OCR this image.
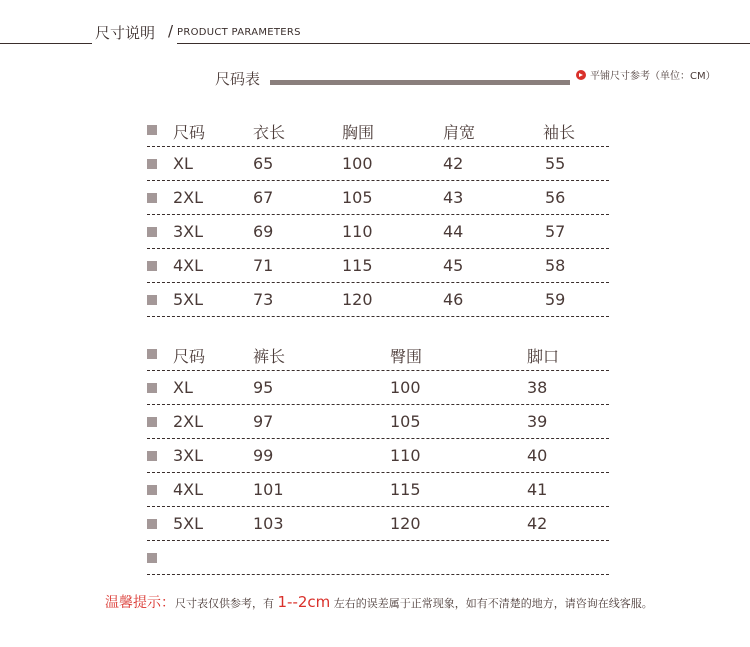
尺寸说明 / PRODUCT PARAMETERS
尺码表	平铺尺寸参考（单位：CM）
尺码	衣长	胸围	肩宽	袖长
XL	65	100	42	55
2XL	67	105	43	56
3XL	69	110	44	57
4XL	71	115	45	58
5XL	73	120	46	59
尺码	裤长	臀围	脚口
XL	95	100	38
2XL	97	105	39
3XL	99	110	40
4XL	101	115	41
5XL	103	120	42
温馨提示：尺寸表仅供参考，有 1--2cm 左右的误差属于正常现象，如有不清楚的地方，请咨询在线客服。
